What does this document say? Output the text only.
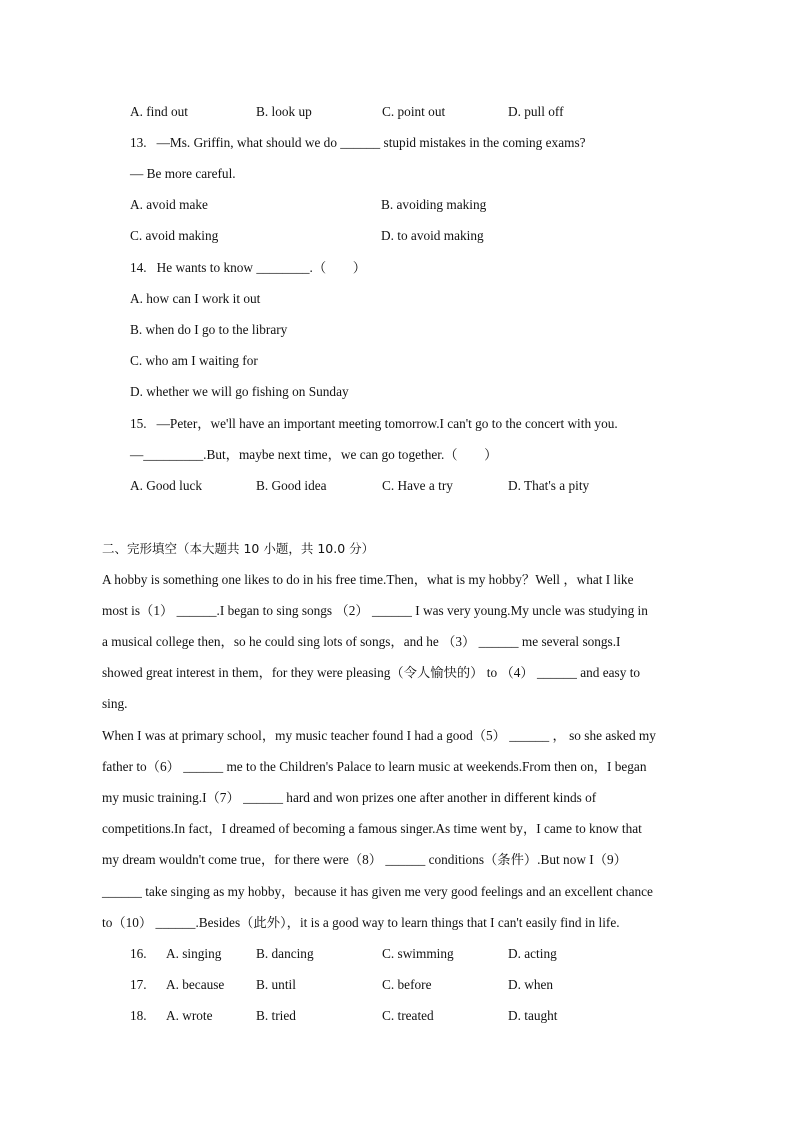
A. find out	B. look up	C. point out	D. pull off
13. —Ms. Griffin, what should we do ______ stupid mistakes in the coming exams?
— Be more careful.
A. avoid make	B. avoiding making
C. avoid making	D. to avoid making
14. He wants to know ________.（　　）
A. how can I work it out
B. when do I go to the library
C. who am I waiting for
D. whether we will go fishing on Sunday
15. —Peter，we'll have an important meeting tomorrow.I can't go to the concert with you.
—_________.But，maybe next time，we can go together.（　　）
A. Good luck	B. Good idea	C. Have a try	D. That's a pity
二、完形填空（本大题共 10 小题，共 10.0 分）
A hobby is something one likes to do in his free time.Then，what is my hobby？Well ，what I like
most is（1） ______.I began to sing songs （2） ______ I was very young.My uncle was studying in
a musical college then，so he could sing lots of songs，and he （3） ______ me several songs.I
showed great interest in them，for they were pleasing（令人愉快的） to （4） ______ and easy to
sing.
When I was at primary school，my music teacher found I had a good（5） ______ ， so she asked my
father to（6） ______ me to the Children's Palace to learn music at weekends.From then on，I began
my music training.I（7） ______ hard and won prizes one after another in different kinds of
competitions.In fact，I dreamed of becoming a famous singer.As time went by，I came to know that
my dream wouldn't come true，for there were（8） ______ conditions（条件）.But now I（9）
______ take singing as my hobby，because it has given me very good feelings and an excellent chance
to（10） ______.Besides（此外），it is a good way to learn things that I can't easily find in life.
16. A. singing	B. dancing	C. swimming	D. acting
17. A. because B. until	C. before	D. when
18. A. wrote	B. tried	C. treated	D. taught
